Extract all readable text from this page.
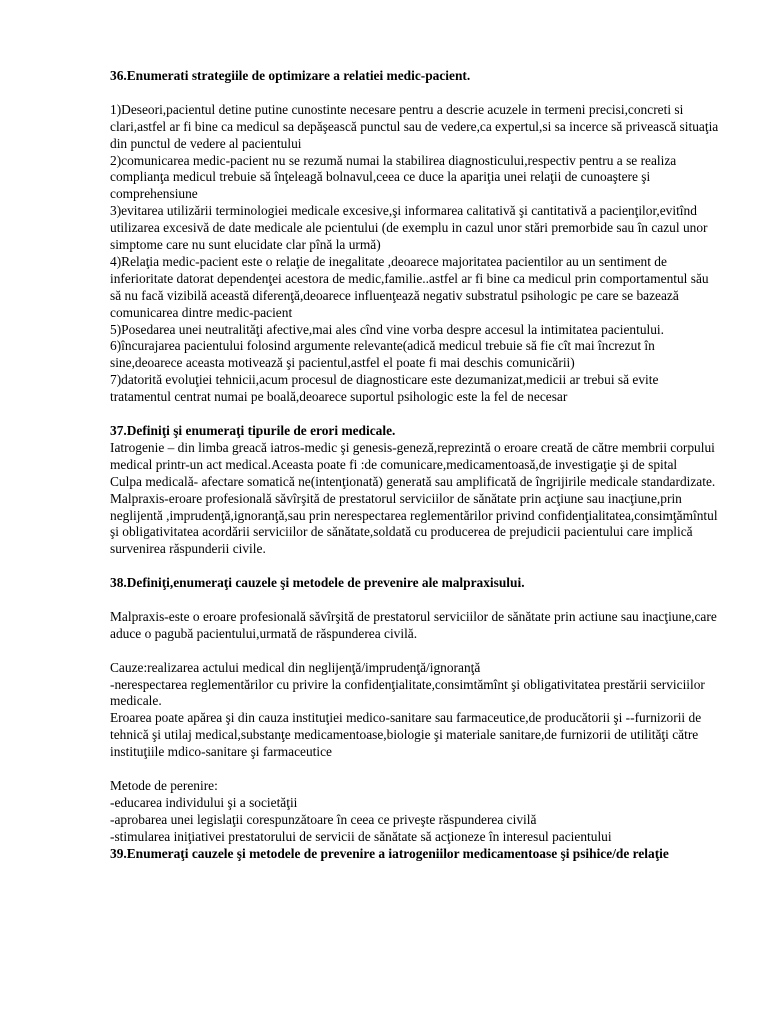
36.Enumerati strategiile de optimizare a relatiei medic-pacient.

1)Deseori,pacientul detine putine cunostinte necesare pentru a descrie acuzele in termeni precisi,concreti si clari,astfel ar fi bine ca medicul sa depăşească punctul sau de vedere,ca expertul,si sa incerce să privească situaţia din punctul de vedere al pacientului

2)comunicarea medic-pacient nu se rezumă numai la stabilirea diagnosticului,respectiv pentru a se realiza complianţa medicul trebuie să înţeleagă bolnavul,ceea ce duce la apariţia unei relaţii de cunoaştere şi comprehensiune

3)evitarea utilizării terminologiei medicale excesive,şi informarea calitativă şi cantitativă a pacienţilor,evitînd utilizarea excesivă de date medicale ale pcientului (de exemplu in cazul unor stări premorbide sau în cazul unor simptome care nu sunt elucidate clar pînă la urmă)

4)Relaţia medic-pacient este o relaţie de inegalitate ,deoarece majoritatea pacientilor au un sentiment de inferioritate datorat dependenţei acestora de medic,familie..astfel ar fi bine ca medicul prin comportamentul său să nu facă vizibilă această diferenţă,deoarece influenţează negativ substratul psihologic pe care se bazează comunicarea dintre medic-pacient

5)Posedarea unei neutralităţi afective,mai ales cînd vine vorba despre accesul la intimitatea pacientului.

6)încurajarea pacientului folosind argumente relevante(adică medicul trebuie să fie cît mai încrezut în sine,deoarece aceasta motivează şi pacientul,astfel el poate fi mai deschis comunicării)

7)datorită evoluţiei tehnicii,acum procesul de diagnosticare este dezumanizat,medicii ar trebui să evite tratamentul centrat numai pe boală,deoarece suportul psihologic este la fel de necesar

37.Definiţi şi enumeraţi tipurile de erori medicale.

Iatrogenie – din limba greacă iatros-medic şi genesis-geneză,reprezintă o eroare creată de către membrii corpului medical printr-un act medical.Aceasta poate fi :de comunicare,medicamentoasă,de investigaţie şi de spital

Culpa medicală- afectare somatică ne(intenţionată) generată sau amplificată de îngrijirile medicale standardizate.

Malpraxis-eroare profesională săvîrşită de prestatorul serviciilor de sănătate prin acţiune sau inacţiune,prin neglijentă ,imprudenţă,ignoranţă,sau prin nerespectarea reglementărilor privind confidenţialitatea,consimţămîntul şi obligativitatea acordării serviciilor de sănătate,soldată cu producerea de prejudicii pacientului care implică survenirea răspunderii civile.

38.Definiţi,enumeraţi cauzele şi metodele de prevenire ale malpraxisului.

Malpraxis-este o eroare profesională săvîrşită de prestatorul serviciilor de sănătate prin actiune sau inacţiune,care aduce o pagubă pacientului,urmată de răspunderea civilă.

Cauze:realizarea actului medical din neglijenţă/imprudenţă/ignoranţă

-nerespectarea reglementărilor cu privire la confidenţialitate,consimtămînt şi obligativitatea prestării serviciilor medicale.

Eroarea poate apărea şi din cauza instituţiei medico-sanitare sau farmaceutice,de producătorii şi --furnizorii de tehnică şi utilaj medical,substanţe medicamentoase,biologie şi materiale sanitare,de furnizorii de utilităţi către instituţiile mdico-sanitare şi farmaceutice

Metode de perenire:

-educarea individului şi a societăţii

-aprobarea unei legislaţii corespunzătoare în ceea ce priveşte răspunderea civilă

-stimularea iniţiativei prestatorului de servicii de sănătate să acţioneze în interesul pacientului

39.Enumeraţi cauzele şi metodele de prevenire a iatrogeniilor medicamentoase şi psihice/de relaţie
